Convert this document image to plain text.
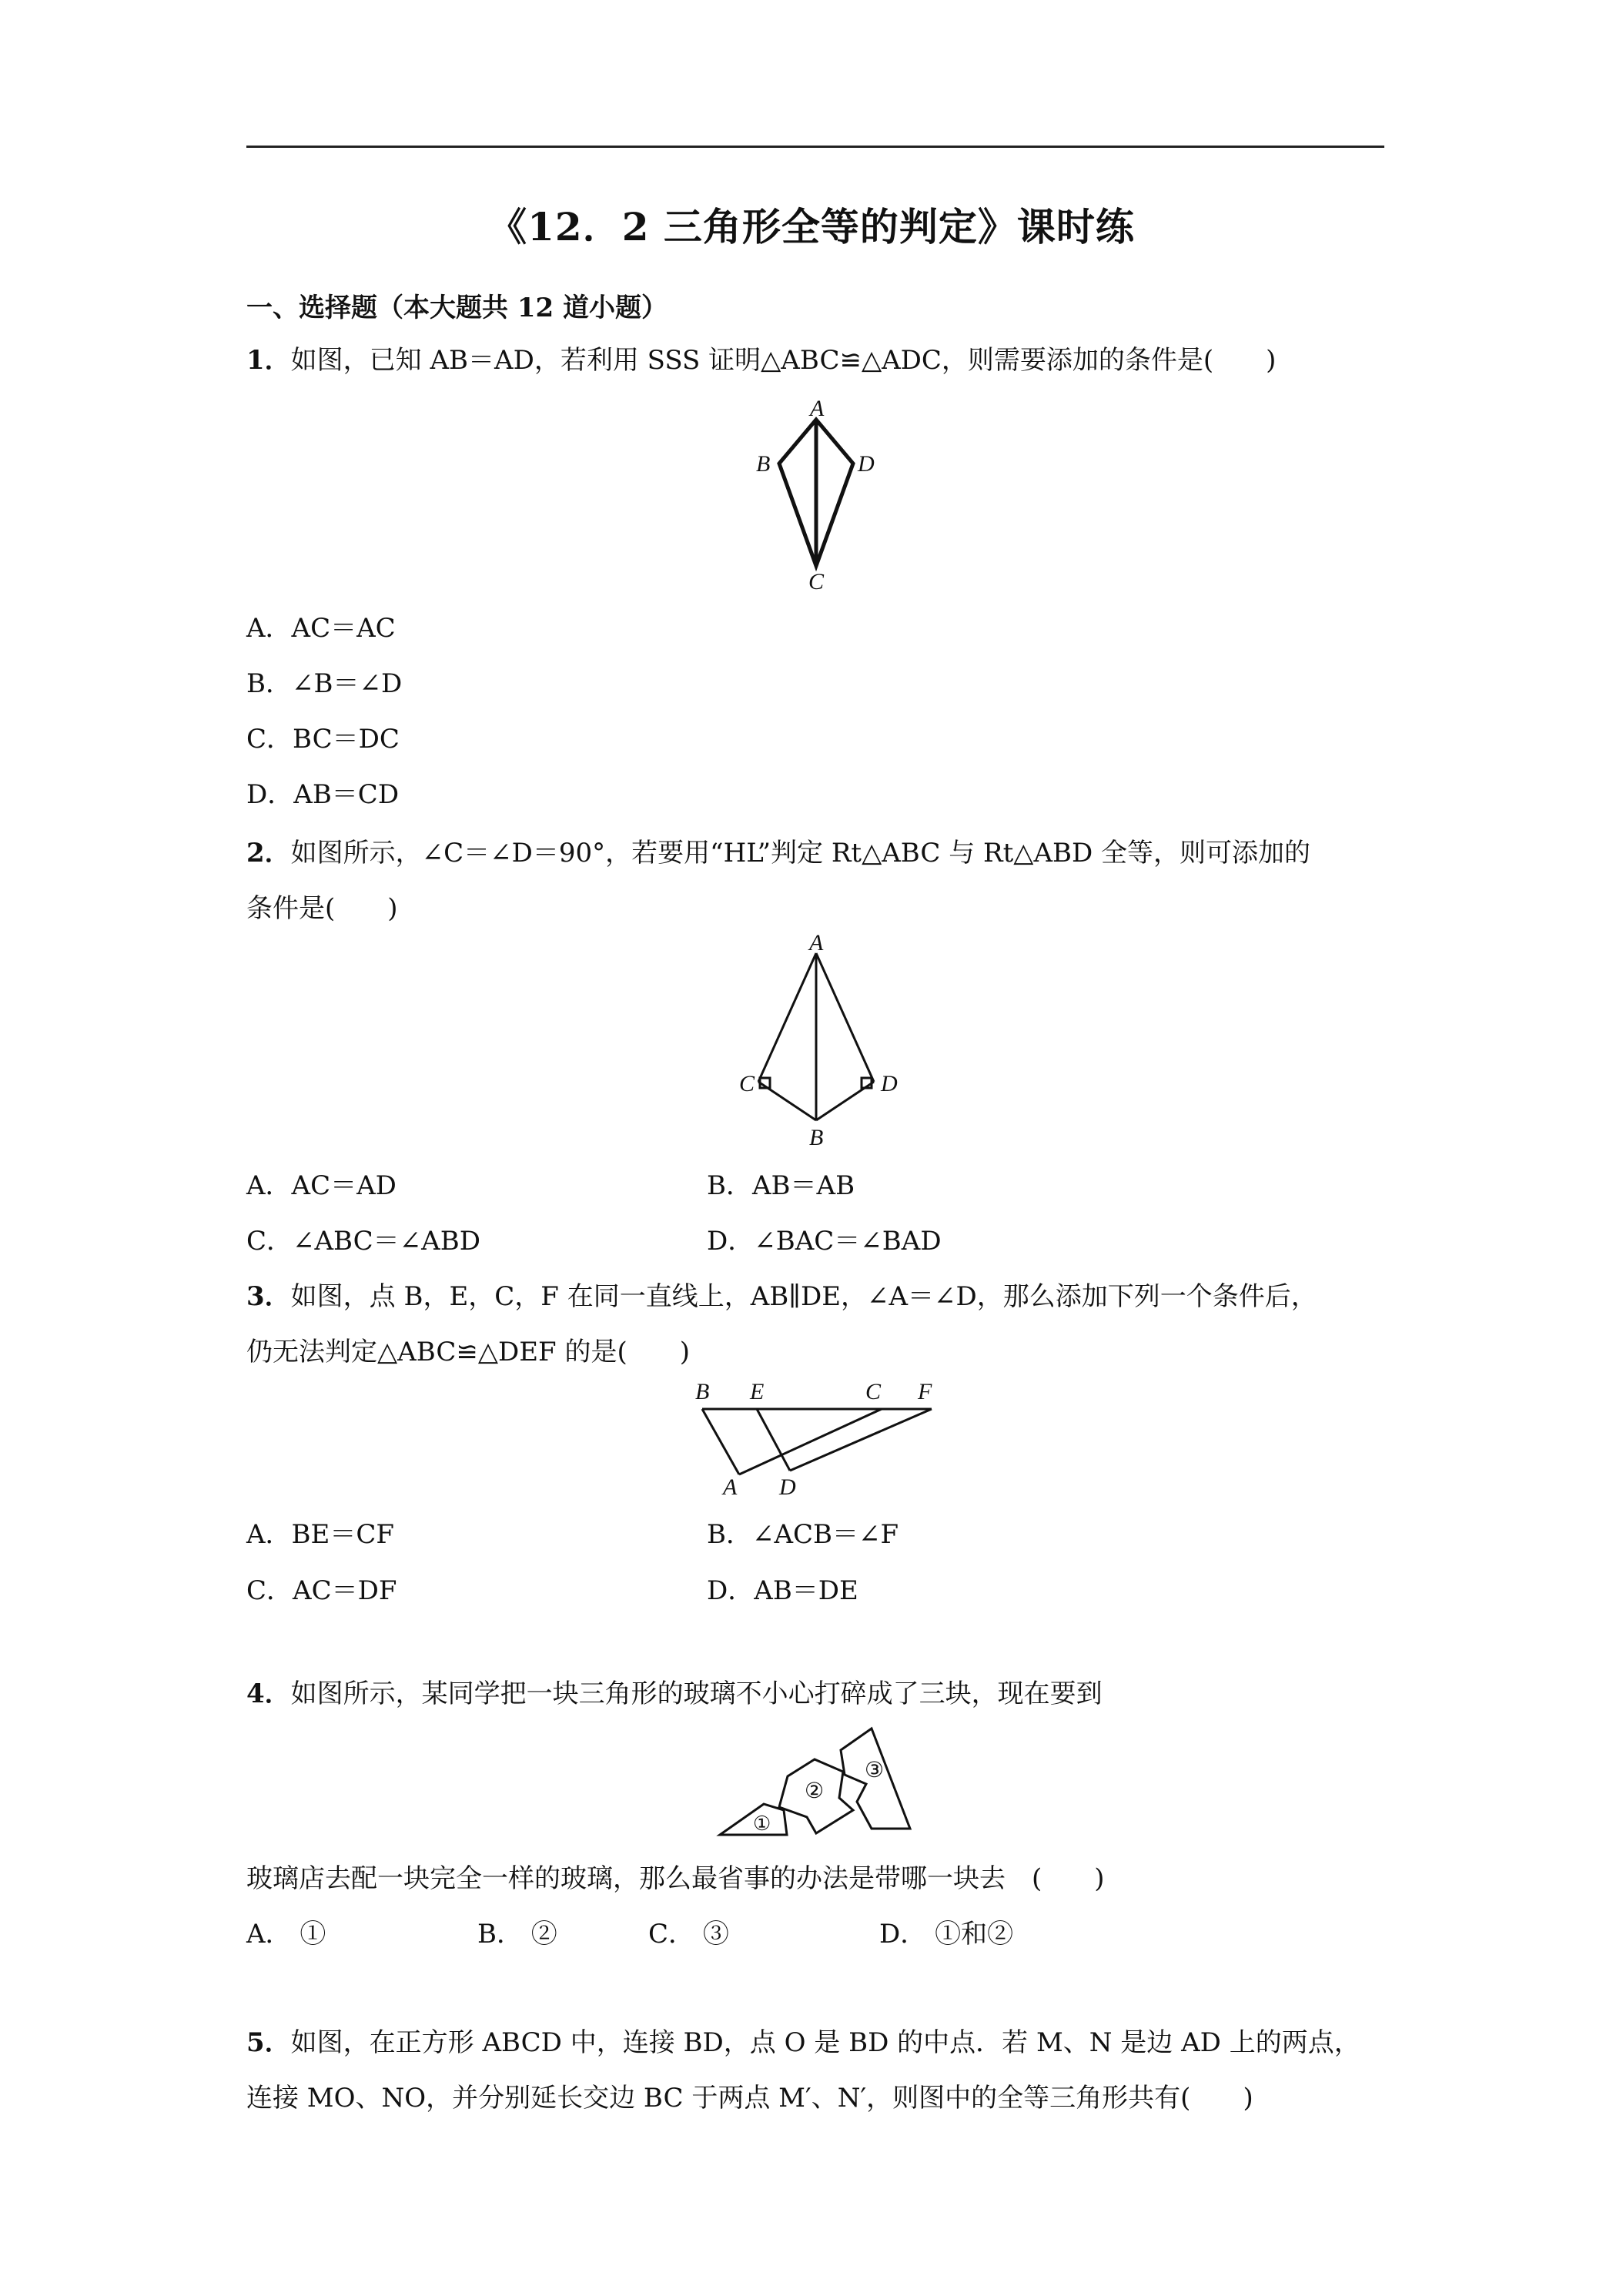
《12．2 三角形全等的判定》课时练
一、选择题（本大题共 12 道小题）
1．如图，已知 AB＝AD，若利用 SSS 证明△ABC≌△ADC，则需要添加的条件是(　　)
A
B	D
C
A．AC＝AC
B．∠B＝∠D
C．BC＝DC
D．AB＝CD
2．如图所示，∠C＝∠D＝90°，若要用“HL”判定 Rt△ABC 与 Rt△ABD 全等，则可添加的
条件是(　　)
A
C	D
B
A．AC＝AD	B．AB＝AB
C．∠ABC＝∠ABD	D．∠BAC＝∠BAD
3．如图，点 B，E，C，F 在同一直线上，AB∥DE，∠A＝∠D，那么添加下列一个条件后，
仍无法判定△ABC≌△DEF 的是(　　)
B E	C F
A D
A．BE＝CF	B．∠ACB＝∠F
C．AC＝DF	D．AB＝DE
4．如图所示，某同学把一块三角形的玻璃不小心打碎成了三块，现在要到
①
②
③
玻璃店去配一块完全一样的玻璃，那么最省事的办法是带哪一块去　(　　)
A． ①	B． ②	C． ③	D． ①和②
5．如图，在正方形 ABCD 中，连接 BD，点 O 是 BD 的中点．若 M、N 是边 AD 上的两点，
连接 MO、NO，并分别延长交边 BC 于两点 M′、N′，则图中的全等三角形共有(　　)
